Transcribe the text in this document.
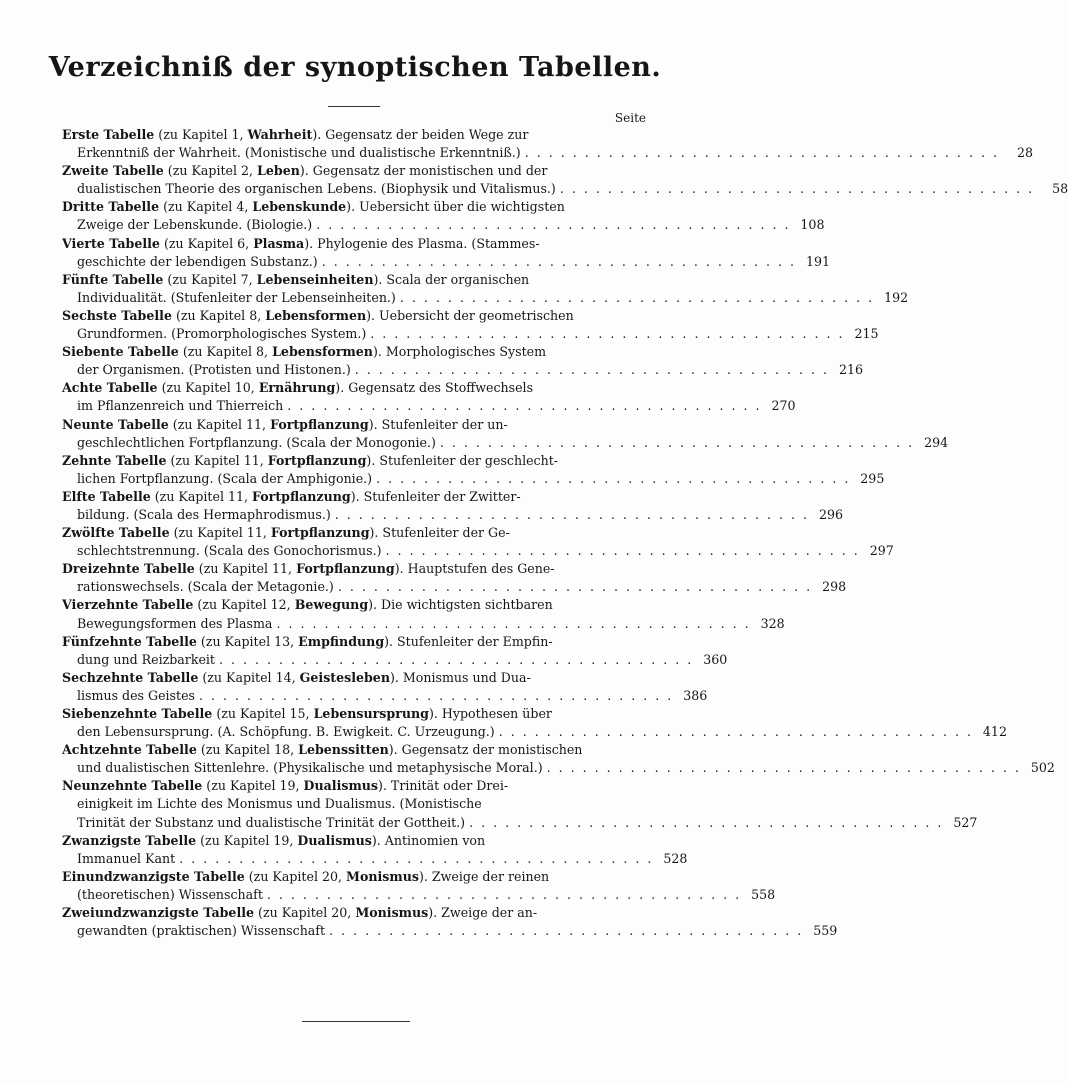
Verzeichniß der synoptischen Tabellen.
Seite
Erste Tabelle (zu Kapitel 1, Wahrheit). Gegensatz der beiden Wege zur
Erkenntniß der Wahrheit. (Monistische und dualistische Erkenntniß.) . . .	28
Zweite Tabelle (zu Kapitel 2, Leben). Gegensatz der monistischen und der
dualistischen Theorie des organischen Lebens. (Biophysik und Vitalismus.) . . .	58
Dritte Tabelle (zu Kapitel 4, Lebenskunde). Uebersicht über die wichtigsten
Zweige der Lebenskunde. (Biologie.) . . .	108
Vierte Tabelle (zu Kapitel 6, Plasma). Phylogenie des Plasma. (Stammes-
geschichte der lebendigen Substanz.) . . .	191
Fünfte Tabelle (zu Kapitel 7, Lebenseinheiten). Scala der organischen
Individualität. (Stufenleiter der Lebenseinheiten.) . . .	192
Sechste Tabelle (zu Kapitel 8, Lebensformen). Uebersicht der geometrischen
Grundformen. (Promorphologisches System.) . . .	215
Siebente Tabelle (zu Kapitel 8, Lebensformen). Morphologisches System
der Organismen. (Protisten und Histonen.) . . .	216
Achte Tabelle (zu Kapitel 10, Ernährung). Gegensatz des Stoffwechsels
im Pflanzenreich und Thierreich . . .	270
Neunte Tabelle (zu Kapitel 11, Fortpflanzung). Stufenleiter der un-
geschlechtlichen Fortpflanzung. (Scala der Monogonie.) . . .	294
Zehnte Tabelle (zu Kapitel 11, Fortpflanzung). Stufenleiter der geschlecht-
lichen Fortpflanzung. (Scala der Amphigonie.) . . .	295
Elfte Tabelle (zu Kapitel 11, Fortpflanzung). Stufenleiter der Zwitter-
bildung. (Scala des Hermaphrodismus.) . . .	296
Zwölfte Tabelle (zu Kapitel 11, Fortpflanzung). Stufenleiter der Ge-
schlechtstrennung. (Scala des Gonochorismus.) . . .	297
Dreizehnte Tabelle (zu Kapitel 11, Fortpflanzung). Hauptstufen des Gene-
rationswechsels. (Scala der Metagonie.) . . .	298
Vierzehnte Tabelle (zu Kapitel 12, Bewegung). Die wichtigsten sichtbaren
Bewegungsformen des Plasma . . .	328
Fünfzehnte Tabelle (zu Kapitel 13, Empfindung). Stufenleiter der Empfin-
dung und Reizbarkeit . . .	360
Sechzehnte Tabelle (zu Kapitel 14, Geistesleben). Monismus und Dua-
lismus des Geistes . . .	386
Siebenzehnte Tabelle (zu Kapitel 15, Lebensursprung). Hypothesen über
den Lebensursprung. (A. Schöpfung. B. Ewigkeit. C. Urzeugung.) . . .	412
Achtzehnte Tabelle (zu Kapitel 18, Lebenssitten). Gegensatz der monistischen
und dualistischen Sittenlehre. (Physikalische und metaphysische Moral.) . . .	502
Neunzehnte Tabelle (zu Kapitel 19, Dualismus). Trinität oder Drei-
einigkeit im Lichte des Monismus und Dualismus. (Monistische
Trinität der Substanz und dualistische Trinität der Gottheit.) . . .	527
Zwanzigste Tabelle (zu Kapitel 19, Dualismus). Antinomien von
Immanuel Kant . . .	528
Einundzwanzigste Tabelle (zu Kapitel 20, Monismus). Zweige der reinen
(theoretischen) Wissenschaft . . .	558
Zweiundzwanzigste Tabelle (zu Kapitel 20, Monismus). Zweige der an-
gewandten (praktischen) Wissenschaft . . .	559
